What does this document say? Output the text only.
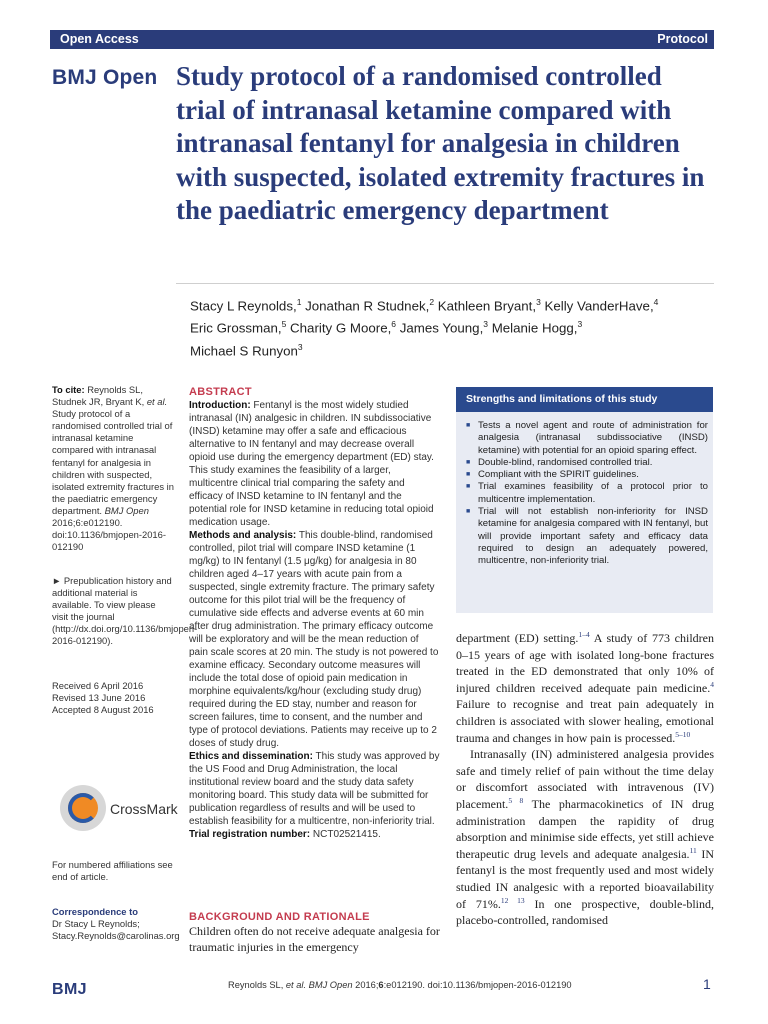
Open Access	Protocol
BMJ Open Study protocol of a randomised controlled trial of intranasal ketamine compared with intranasal fentanyl for analgesia in children with suspected, isolated extremity fractures in the paediatric emergency department
Stacy L Reynolds,$^1$ Jonathan R Studnek,$^2$ Kathleen Bryant,$^3$ Kelly VanderHave,$^4$
Eric Grossman,$^5$ Charity G Moore,$^6$ James Young,$^3$ Melanie Hogg,$^3$
Michael S Runyon$^3$
To cite: Reynolds SL, Studnek JR, Bryant K, et al. Study protocol of a randomised controlled trial of intranasal ketamine compared with intranasal fentanyl for analgesia in children with suspected, isolated extremity fractures in the paediatric emergency department. BMJ Open 2016;6:e012190. doi:10.1136/bmjopen-2016-012190
► Prepublication history and additional material is available. To view please visit the journal (http://dx.doi.org/10.1136/bmjopen-2016-012190).
Received 6 April 2016
Revised 13 June 2016
Accepted 8 August 2016
CrossMark
For numbered affiliations see end of article.
Correspondence to
Dr Stacy L Reynolds;
Stacy.Reynolds@carolinas.org
ABSTRACT

Introduction: Fentanyl is the most widely studied intranasal (IN) analgesic in children. IN subdissociative (INSD) ketamine may offer a safe and efficacious alternative to IN fentanyl and may decrease overall opioid use during the emergency department (ED) stay. This study examines the feasibility of a larger, multicentre clinical trial comparing the safety and efficacy of INSD ketamine to IN fentanyl and the potential role for INSD ketamine in reducing total opioid medication usage.

Methods and analysis: This double-blind, randomised controlled, pilot trial will compare INSD ketamine (1 mg/kg) to IN fentanyl (1.5 μg/kg) for analgesia in 80 children aged 4–17 years with acute pain from a suspected, single extremity fracture. The primary safety outcome for this pilot trial will be the frequency of cumulative side effects and adverse events at 60 min after drug administration. The primary efficacy outcome will be exploratory and will be the mean reduction of pain scale scores at 20 min. The study is not powered to examine efficacy. Secondary outcome measures will include the total dose of opioid pain medication in morphine equivalents/kg/hour (excluding study drug) required during the ED stay, number and reason for screen failures, time to consent, and the number and type of protocol deviations. Patients may receive up to 2 doses of study drug.

Ethics and dissemination: This study was approved by the US Food and Drug Administration, the local institutional review board and the study data safety monitoring board. This study data will be submitted for publication regardless of results and will be used to establish feasibility for a multicentre, non-inferiority trial.

Trial registration number: NCT02521415.

BACKGROUND AND RATIONALE
Children often do not receive adequate analgesia for traumatic injuries in the emergency
Strengths and limitations of this study
■ Tests a novel agent and route of administration for analgesia (intranasal subdissociative (INSD) ketamine) with potential for an opioid sparing effect.
■ Double-blind, randomised controlled trial.
■ Compliant with the SPIRIT guidelines.
■ Trial examines feasibility of a protocol prior to multicentre implementation.
■ Trial will not establish non-inferiority for INSD ketamine for analgesia compared with IN fentanyl, but will provide important safety and efficacy data required to design an adequately powered, multicentre, non-inferiority trial.

department (ED) setting.$^{1-4}$ A study of 773 children 0–15 years of age with isolated long-bone fractures treated in the ED demonstrated that only 10% of injured children received adequate pain medicine.$^4$ Failure to recognise and treat pain adequately in children is associated with slower healing, emotional trauma and changes in how pain is processed.$^{5-10}$

Intranasally (IN) administered analgesia provides safe and timely relief of pain without the time delay or discomfort associated with intravenous (IV) placement.$^{5 8}$ The pharmacokinetics of IN drug administration dampen the rapidity of drug absorption and minimise side effects, yet still achieve therapeutic drug levels and adequate analgesia.$^{11}$ IN fentanyl is the most frequently used and most widely studied IN analgesic with a reported bioavailability of 71%.$^{12 13}$ In one prospective, double-blind, placebo-controlled, randomised

BMJ	Reynolds SL, et al. BMJ Open 2016;6:e012190. doi:10.1136/bmjopen-2016-012190	1
